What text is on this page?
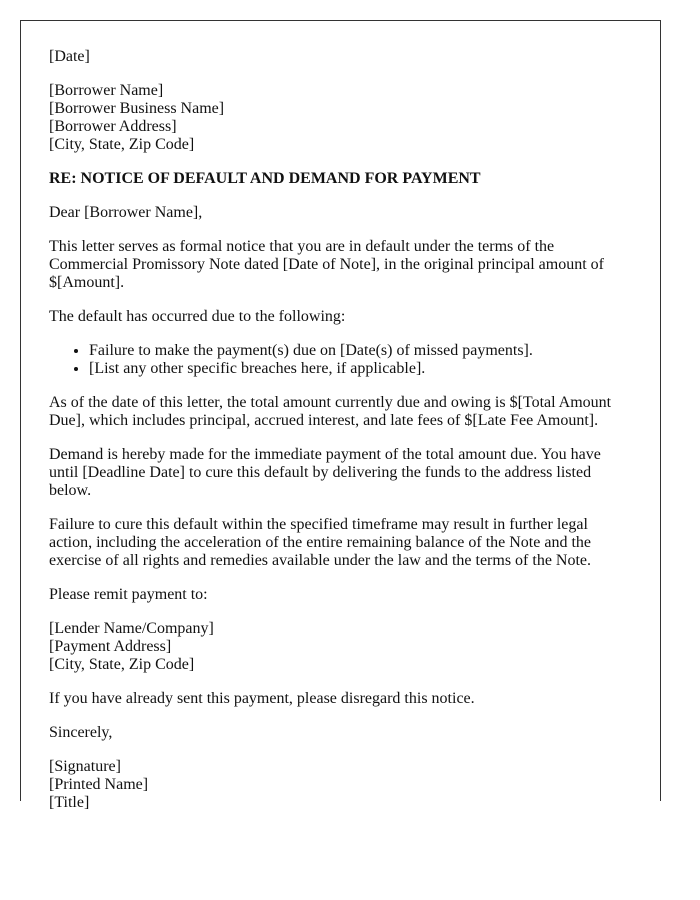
[Date]

[Borrower Name]
[Borrower Business Name]
[Borrower Address]
[City, State, Zip Code]

RE: NOTICE OF DEFAULT AND DEMAND FOR PAYMENT

Dear [Borrower Name],

This letter serves as formal notice that you are in default under the terms of the Commercial Promissory Note dated [Date of Note], in the original principal amount of $[Amount].

The default has occurred due to the following:

• Failure to make the payment(s) due on [Date(s) of missed payments].
• [List any other specific breaches here, if applicable].

As of the date of this letter, the total amount currently due and owing is $[Total Amount Due], which includes principal, accrued interest, and late fees of $[Late Fee Amount].

Demand is hereby made for the immediate payment of the total amount due. You have until [Deadline Date] to cure this default by delivering the funds to the address listed below.

Failure to cure this default within the specified timeframe may result in further legal action, including the acceleration of the entire remaining balance of the Note and the exercise of all rights and remedies available under the law and the terms of the Note.

Please remit payment to:

[Lender Name/Company]
[Payment Address]
[City, State, Zip Code]

If you have already sent this payment, please disregard this notice.

Sincerely,

[Signature]
[Printed Name]
[Title]
